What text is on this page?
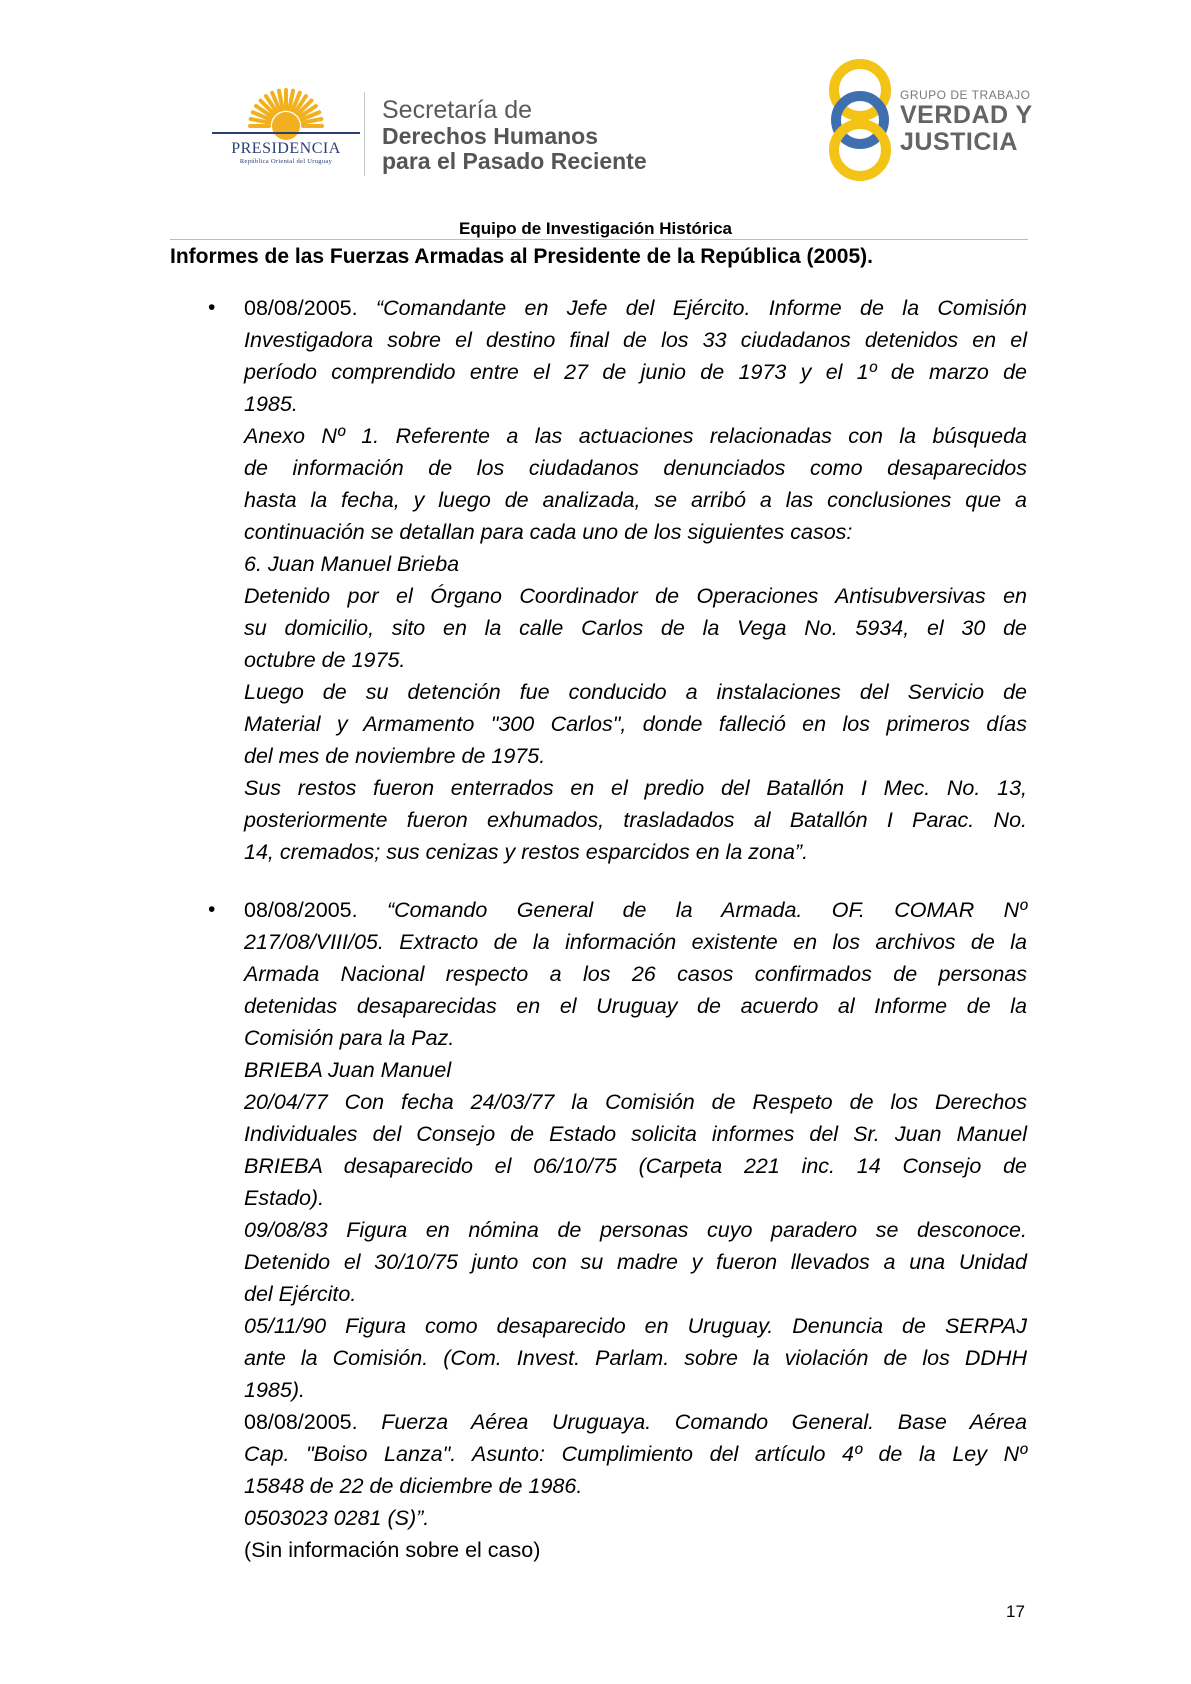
PRESIDENCIA
República Oriental del Uruguay
Secretaría de
Derechos Humanos
para el Pasado Reciente
GRUPO DE TRABAJO
VERDAD Y
JUSTICIA
Equipo de Investigación Histórica
Informes de las Fuerzas Armadas al Presidente de la República (2005).
• 08/08/2005. “Comandante en Jefe del Ejército. Informe de la Comisión
Investigadora sobre el destino final de los 33 ciudadanos detenidos en el
período comprendido entre el 27 de junio de 1973 y el 1º de marzo de
1985.
Anexo Nº 1. Referente a las actuaciones relacionadas con la búsqueda
de información de los ciudadanos denunciados como desaparecidos
hasta la fecha, y luego de analizada, se arribó a las conclusiones que a
continuación se detallan para cada uno de los siguientes casos:
6. Juan Manuel Brieba
Detenido por el Órgano Coordinador de Operaciones Antisubversivas en
su domicilio, sito en la calle Carlos de la Vega No. 5934, el 30 de
octubre de 1975.
Luego de su detención fue conducido a instalaciones del Servicio de
Material y Armamento "300 Carlos", donde falleció en los primeros días
del mes de noviembre de 1975.
Sus restos fueron enterrados en el predio del Batallón I Mec. No. 13,
posteriormente fueron exhumados, trasladados al Batallón I Parac. No.
14, cremados; sus cenizas y restos esparcidos en la zona”.
• 08/08/2005. “Comando General de la Armada. OF. COMAR Nº
217/08/VIII/05. Extracto de la información existente en los archivos de la
Armada Nacional respecto a los 26 casos confirmados de personas
detenidas desaparecidas en el Uruguay de acuerdo al Informe de la
Comisión para la Paz.
BRIEBA Juan Manuel
20/04/77 Con fecha 24/03/77 la Comisión de Respeto de los Derechos
Individuales del Consejo de Estado solicita informes del Sr. Juan Manuel
BRIEBA desaparecido el 06/10/75 (Carpeta 221 inc. 14 Consejo de
Estado).
09/08/83 Figura en nómina de personas cuyo paradero se desconoce.
Detenido el 30/10/75 junto con su madre y fueron llevados a una Unidad
del Ejército.
05/11/90 Figura como desaparecido en Uruguay. Denuncia de SERPAJ
ante la Comisión. (Com. Invest. Parlam. sobre la violación de los DDHH
1985).
08/08/2005. Fuerza Aérea Uruguaya. Comando General. Base Aérea
Cap. "Boiso Lanza". Asunto: Cumplimiento del artículo 4º de la Ley Nº
15848 de 22 de diciembre de 1986.
0503023 0281 (S)”.
(Sin información sobre el caso)
17
